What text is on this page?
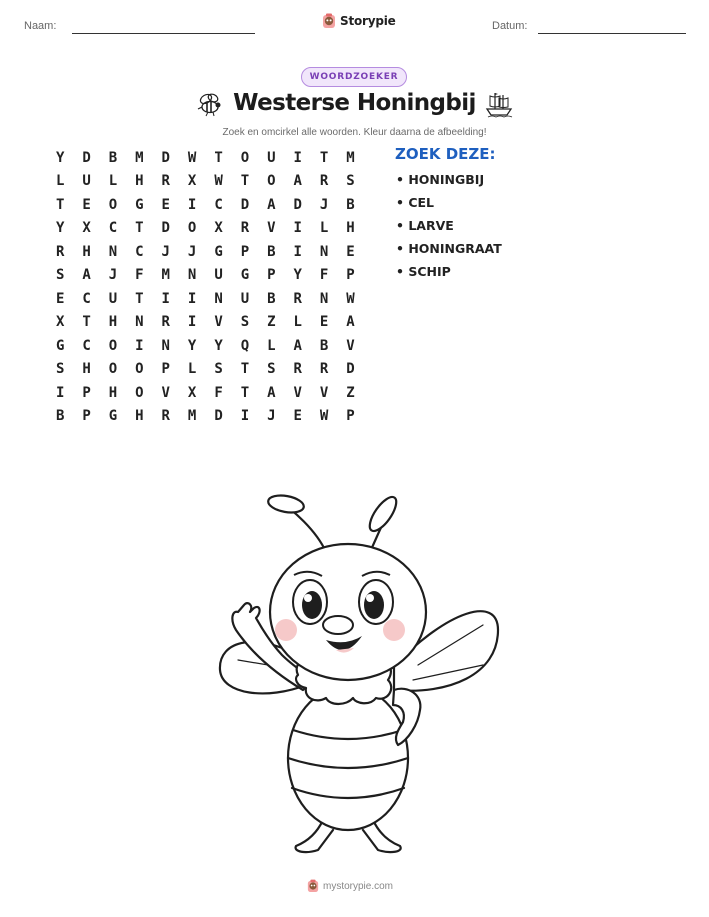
Naam:	Storypie	Datum:
WOORDZOEKER
Westerse Honingbij
Zoek en omcirkel alle woorden. Kleur daarna de afbeelding!
Y	D	B	M	D	W	T	O	U	I	T	M
L	U	L	H	R	X	W	T	O	A	R	S
T	E	O	G	E	I	C	D	A	D	J	B
Y	X	C	T	D	O	X	R	V	I	L	H
R	H	N	C	J	J	G	P	B	I	N	E
S	A	J	F	M	N	U	G	P	Y	F	P
E	C	U	T	I	I	N	U	B	R	N	W
X	T	H	N	R	I	V	S	Z	L	E	A
G	C	O	I	N	Y	Y	Q	L	A	B	V
S	H	O	O	P	L	S	T	S	R	R	D
I	P	H	O	V	X	F	T	A	V	V	Z
B	P	G	H	R	M	D	I	J	E	W	P
ZOEK DEZE:
• HONINGBIJ
• CEL
• LARVE
• HONINGRAAT
• SCHIP
mystorypie.com
